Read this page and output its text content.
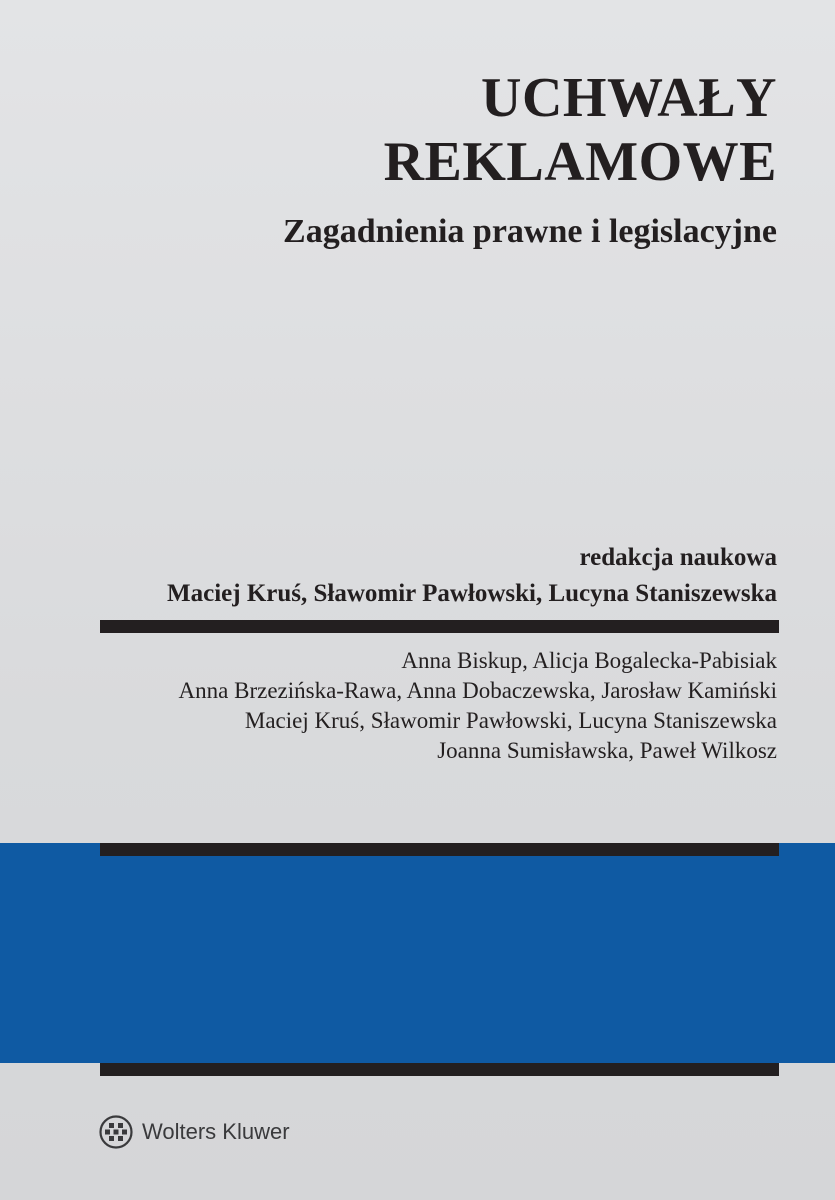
UCHWAŁY
REKLAMOWE
Zagadnienia prawne i legislacyjne
redakcja naukowa
Maciej Kruś, Sławomir Pawłowski, Lucyna Staniszewska
Anna Biskup, Alicja Bogalecka-Pabisiak
Anna Brzezińska-Rawa, Anna Dobaczewska, Jarosław Kamiński
Maciej Kruś, Sławomir Pawłowski, Lucyna Staniszewska
Joanna Sumisławska, Paweł Wilkosz
Wolters Kluwer
